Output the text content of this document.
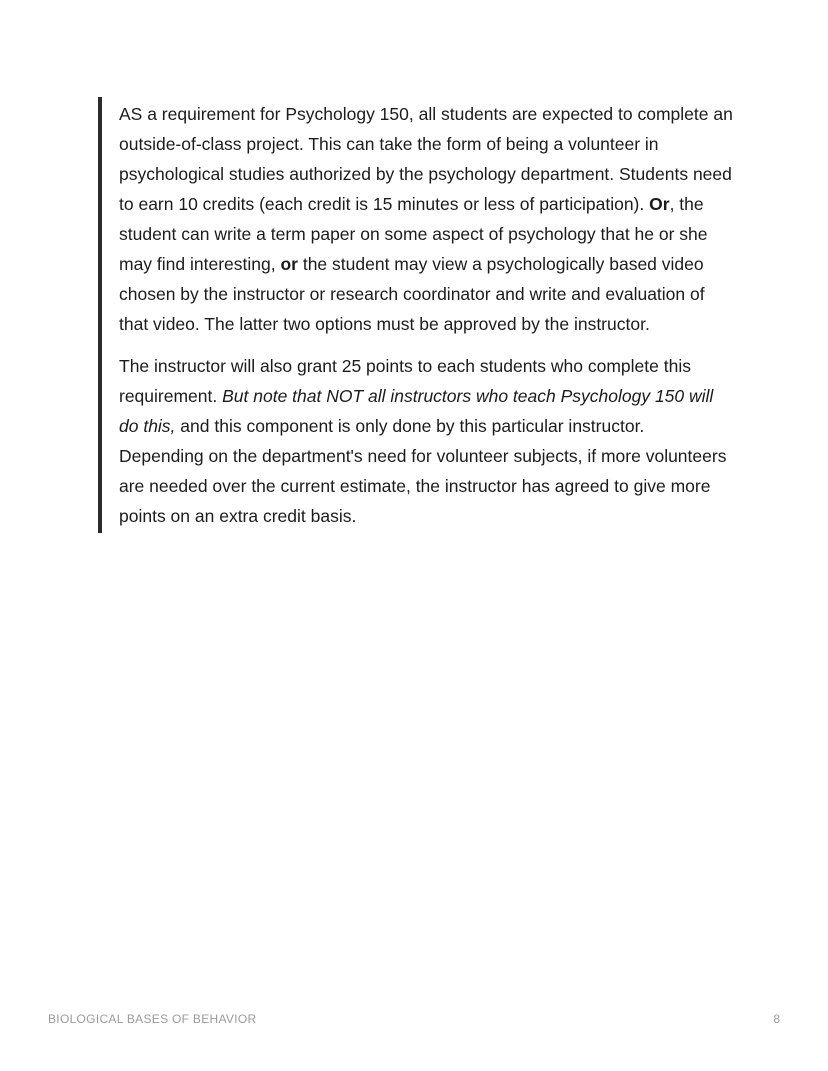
AS a requirement for Psychology 150, all students are expected to complete an outside-of-class project. This can take the form of being a volunteer in psychological studies authorized by the psychology department. Students need to earn 10 credits (each credit is 15 minutes or less of participation). Or, the student can write a term paper on some aspect of psychology that he or she may find interesting, or the student may view a psychologically based video chosen by the instructor or research coordinator and write and evaluation of that video. The latter two options must be approved by the instructor.

The instructor will also grant 25 points to each students who complete this requirement. But note that NOT all instructors who teach Psychology 150 will do this, and this component is only done by this particular instructor. Depending on the department's need for volunteer subjects, if more volunteers are needed over the current estimate, the instructor has agreed to give more points on an extra credit basis.

BIOLOGICAL BASES OF BEHAVIOR	8
